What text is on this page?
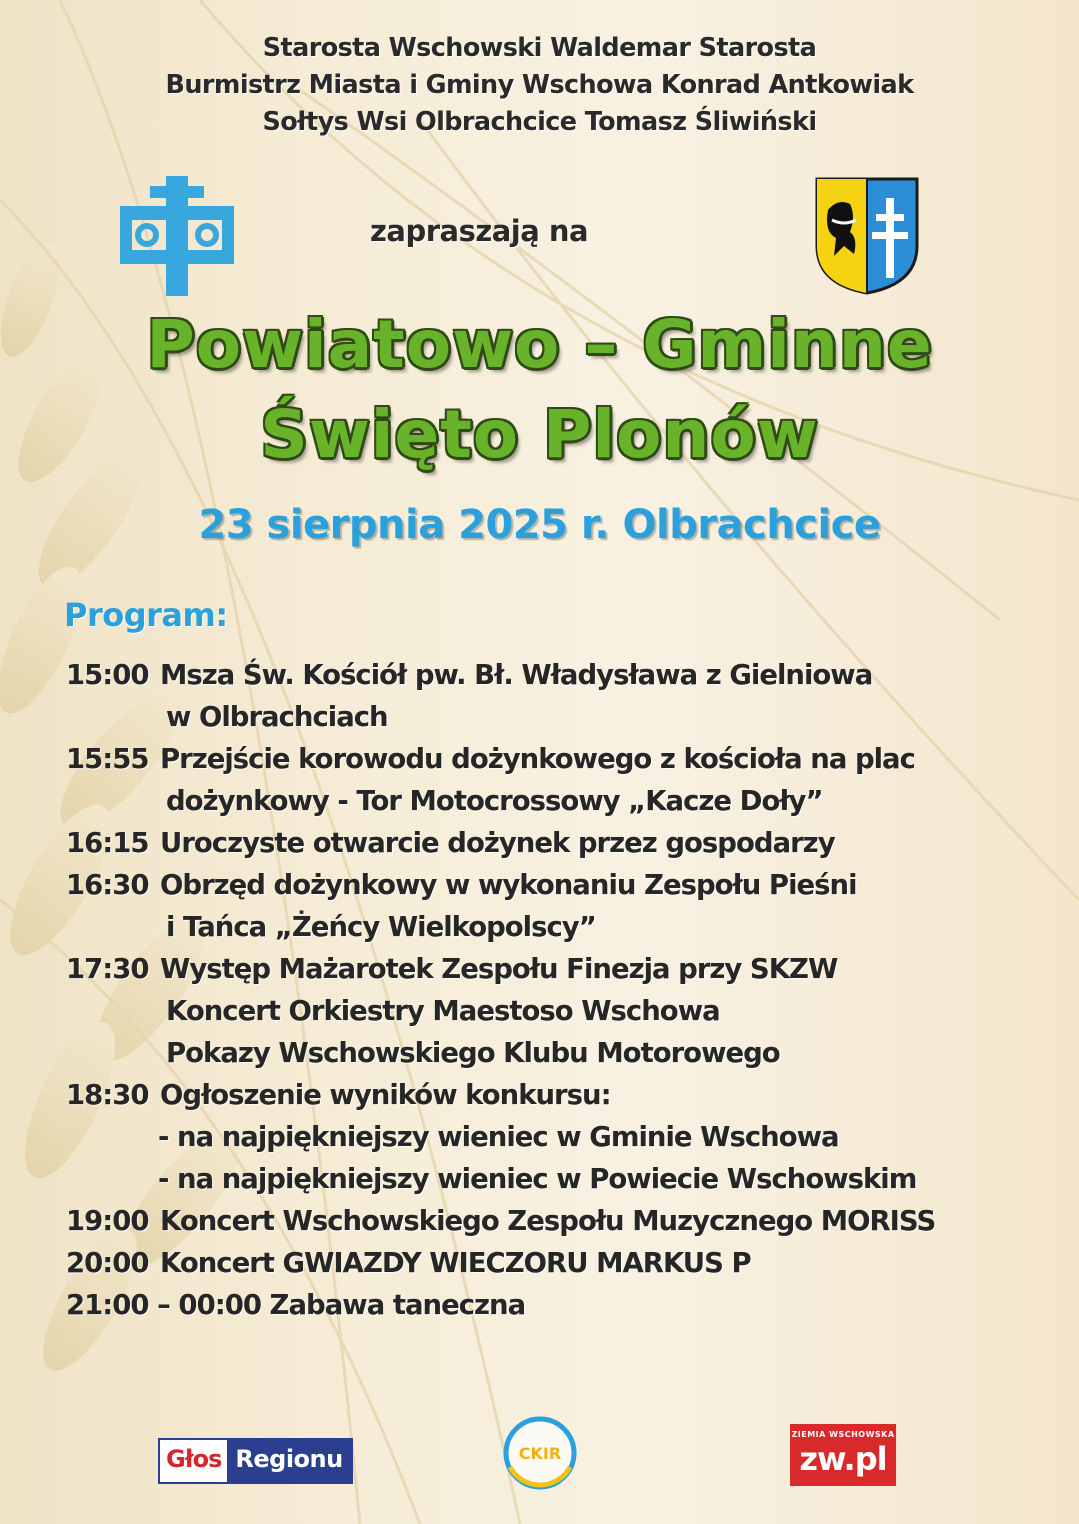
Starosta Wschowski Waldemar Starosta
Burmistrz Miasta i Gminy Wschowa Konrad Antkowiak
Sołtys Wsi Olbrachcice Tomasz Śliwiński
zapraszają na
Powiatowo – Gminne
Święto Plonów
23 sierpnia 2025 r. Olbrachcice
Program:
15:00 Msza Św. Kościół pw. Bł. Władysława z Gielniowa
w Olbrachciach
15:55 Przejście korowodu dożynkowego z kościoła na plac
dożynkowy - Tor Motocrossowy „Kacze Doły”
16:15 Uroczyste otwarcie dożynek przez gospodarzy
16:30 Obrzęd dożynkowy w wykonaniu Zespołu Pieśni
i Tańca „Żeńcy Wielkopolscy”
17:30 Występ Mażarotek Zespołu Finezja przy SKZW
Koncert Orkiestry Maestoso Wschowa
Pokazy Wschowskiego Klubu Motorowego
18:30 Ogłoszenie wyników konkursu:
- na najpiękniejszy wieniec w Gminie Wschowa
- na najpiękniejszy wieniec w Powiecie Wschowskim
19:00 Koncert Wschowskiego Zespołu Muzycznego MORISS
20:00 Koncert GWIAZDY WIECZORU MARKUS P
21:00 – 00:00 Zabawa taneczna
Głos Regionu	CKIR
ZIEMIA WSCHOWSKA
zw.pl
